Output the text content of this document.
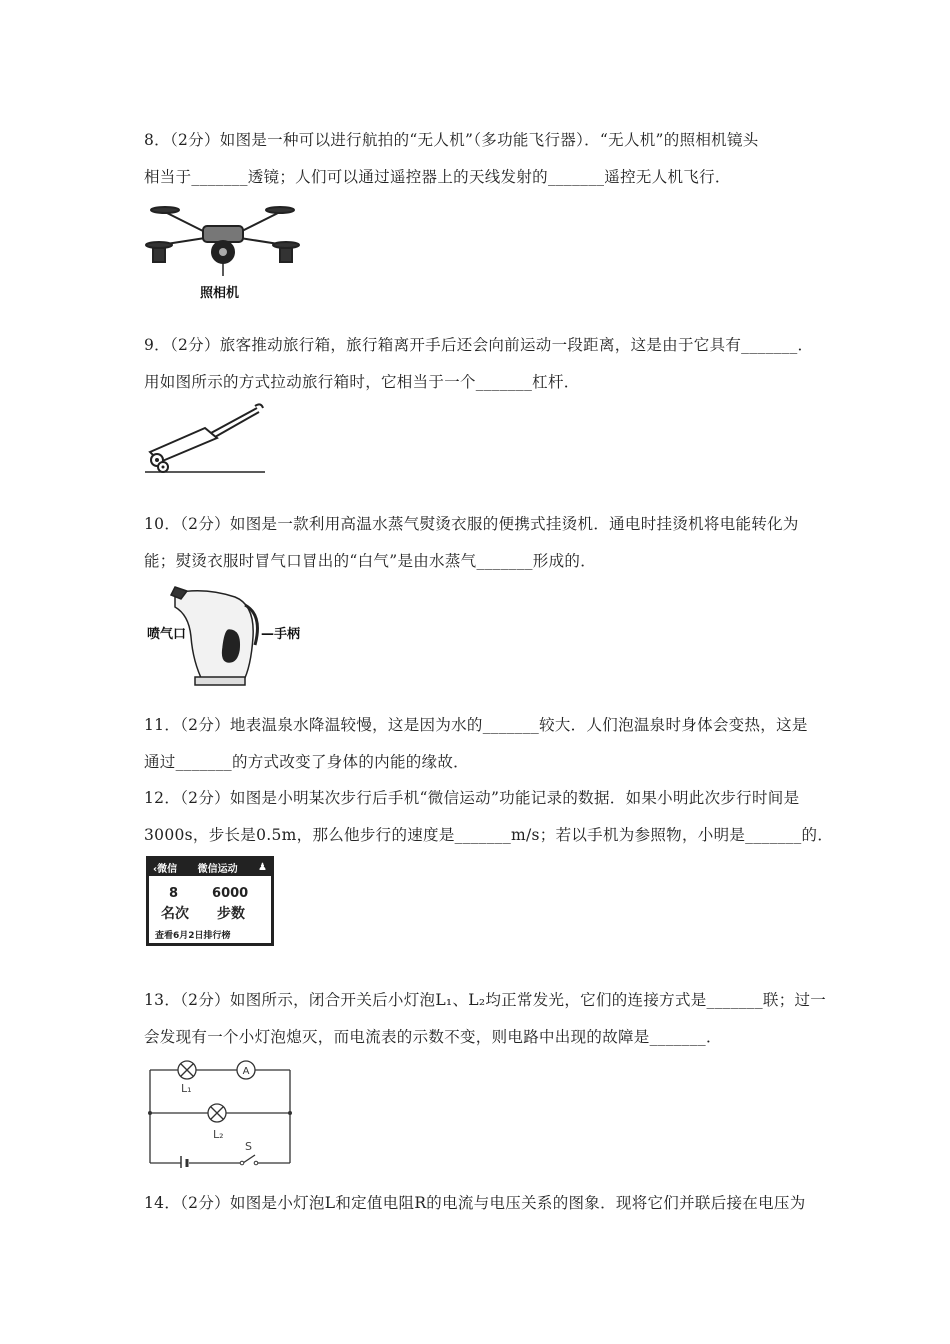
8．（2分）如图是一种可以进行航拍的“无人机”（多功能飞行器）．“无人机”的照相机镜头
相当于_______透镜；人们可以通过遥控器上的天线发射的_______遥控无人机飞行．
照相机
9．（2分）旅客推动旅行箱，旅行箱离开手后还会向前运动一段距离，这是由于它具有_______．
用如图所示的方式拉动旅行箱时，它相当于一个_______杠杆．
10．（2分）如图是一款利用高温水蒸气熨烫衣服的便携式挂烫机．通电时挂烫机将电能转化为
能；熨烫衣服时冒气口冒出的“白气”是由水蒸气_______形成的．
喷气口	—手柄
11．（2分）地表温泉水降温较慢，这是因为水的_______较大．人们泡温泉时身体会变热，这是
通过_______的方式改变了身体的内能的缘故．
12．（2分）如图是小明某次步行后手机“微信运动”功能记录的数据．如果小明此次步行时间是
3000s，步长是0.5m，那么他步行的速度是_______m/s；若以手机为参照物，小明是_______的．
‹微信 微信运动 ♟
8	6000
名次 步数
查看6月2日排行榜
13．（2分）如图所示，闭合开关后小灯泡L₁、L₂均正常发光，它们的连接方式是_______联；过一
会发现有一个小灯泡熄灭，而电流表的示数不变，则电路中出现的故障是_______．
A
L₁
L₂
S
14．（2分）如图是小灯泡L和定值电阻R的电流与电压关系的图象．现将它们并联后接在电压为
